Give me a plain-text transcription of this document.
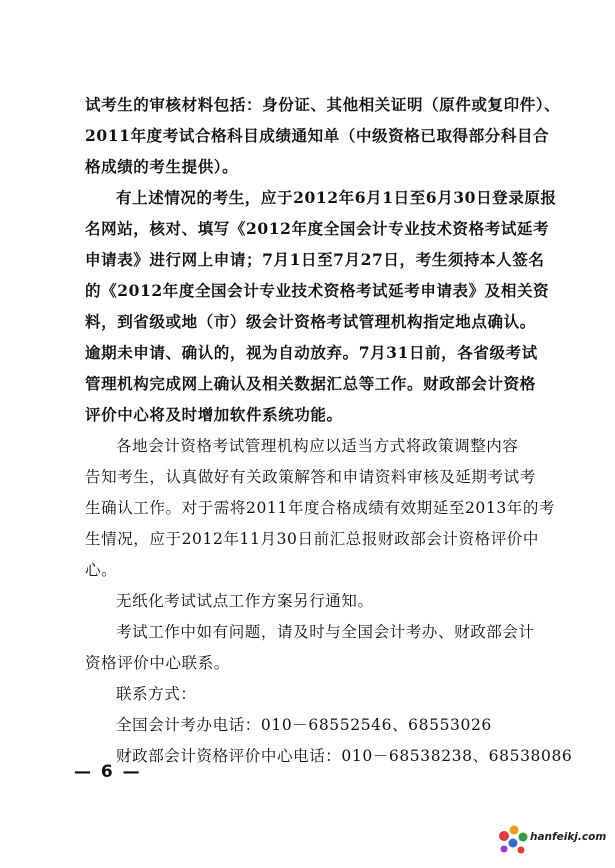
试考生的审核材料包括：身份证、其他相关证明（原件或复印件）、
2011年度考试合格科目成绩通知单（中级资格已取得部分科目合
格成绩的考生提供）。
有上述情况的考生，应于2012年6月1日至6月30日登录原报
名网站，核对、填写《2012年度全国会计专业技术资格考试延考
申请表》进行网上申请；7月1日至7月27日，考生须持本人签名
的《2012年度全国会计专业技术资格考试延考申请表》及相关资
料，到省级或地（市）级会计资格考试管理机构指定地点确认。
逾期未申请、确认的，视为自动放弃。7月31日前，各省级考试
管理机构完成网上确认及相关数据汇总等工作。财政部会计资格
评价中心将及时增加软件系统功能。
各地会计资格考试管理机构应以适当方式将政策调整内容
告知考生，认真做好有关政策解答和申请资料审核及延期考试考
生确认工作。对于需将2011年度合格成绩有效期延至2013年的考
生情况，应于2012年11月30日前汇总报财政部会计资格评价中
心。
无纸化考试试点工作方案另行通知。
考试工作中如有问题，请及时与全国会计考办、财政部会计
资格评价中心联系。
联系方式：
全国会计考办电话：010－68552546、68553026
财政部会计资格评价中心电话：010－68538238、68538086
— 6 —
hanfeikj.com
